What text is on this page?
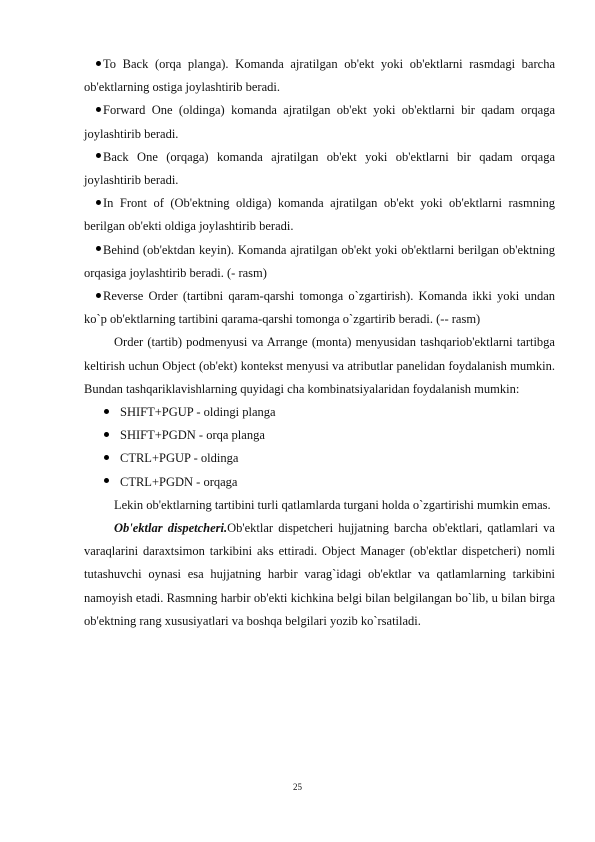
To Back (orqa planga). Komanda ajratilgan ob'ekt yoki ob'ektlarni rasmdagi barcha ob'ektlarning ostiga joylashtirib beradi.

Forward One (oldinga) komanda ajratilgan ob'ekt yoki ob'ektlarni bir qadam orqaga joylashtirib beradi.

Back One (orqaga) komanda ajratilgan ob'ekt yoki ob'ektlarni bir qadam orqaga joylashtirib beradi.

In Front of (Ob'ektning oldiga) komanda ajratilgan ob'ekt yoki ob'ektlarni rasmning berilgan ob'ekti oldiga joylashtirib beradi.

Behind (ob'ektdan keyin). Komanda ajratilgan ob'ekt yoki ob'ektlarni berilgan ob'ektning orqasiga joylashtirib beradi. (- rasm)

Reverse Order (tartibni qaram-qarshi tomonga o`zgartirish). Komanda ikki yoki undan ko`p ob'ektlarning tartibini qarama-qarshi tomonga o`zgartirib beradi. (-- rasm)

Order (tartib) podmenyusi va Arrange (monta) menyusidan tashqariob'ektlarni tartibga keltirish uchun Object (ob'ekt) kontekst menyusi va atributlar panelidan foydalanish mumkin. Bundan tashqariklavishlarning quyidagi cha kombinatsiyalaridan foydalanish mumkin:

SHIFT+PGUP - oldingi planga

SHIFT+PGDN - orqa planga

CTRL+PGUP - oldinga

CTRL+PGDN - orqaga

Lekin ob'ektlarning tartibini turli qatlamlarda turgani holda o`zgartirishi mumkin emas.

Ob'ektlar dispetcheri.Ob'ektlar dispetcheri hujjatning barcha ob'ektlari, qatlamlari va varaqlarini daraxtsimon tarkibini aks ettiradi. Object Manager (ob'ektlar dispetcheri) nomli tutashuvchi oynasi esa hujjatning harbir varag`idagi ob'ektlar va qatlamlarning tarkibini namoyish etadi. Rasmning harbir ob'ekti kichkina belgi bilan belgilangan bo`lib, u bilan birga ob'ektning rang xususiyatlari va boshqa belgilari yozib ko`rsatiladi.

25
